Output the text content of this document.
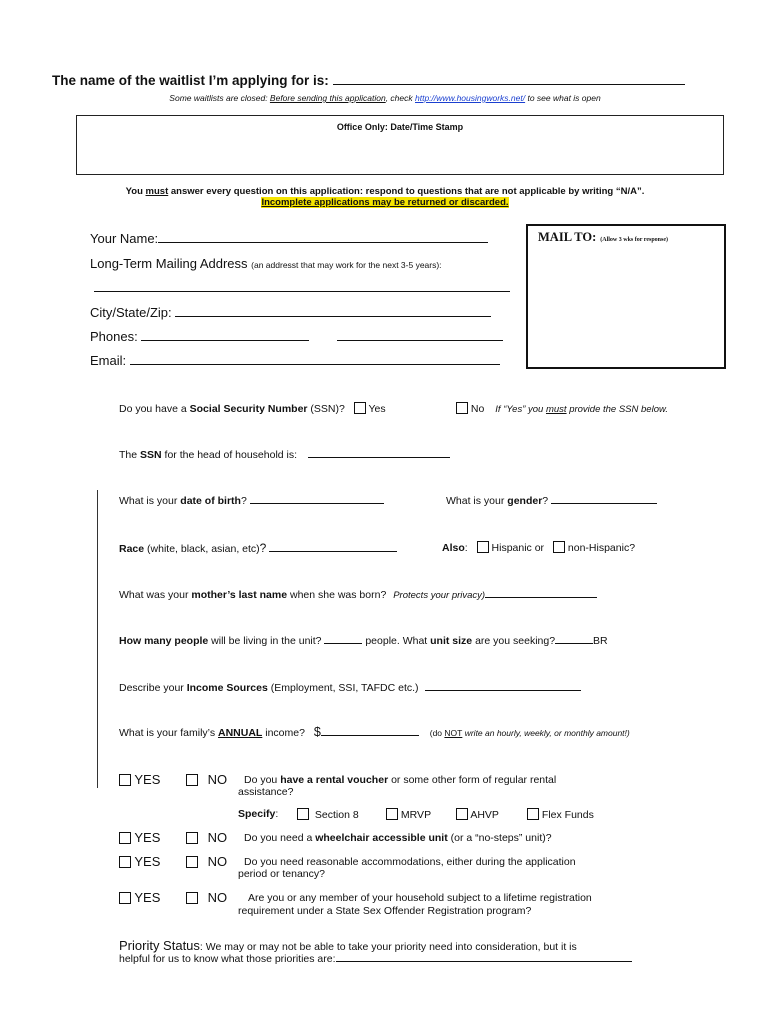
The name of the waitlist I’m applying for is:
Some waitlists are closed: Before sending this application, check http://www.housingworks.net/ to see what is open
Office Only: Date/Time Stamp
You must answer every question on this application: respond to questions that are not applicable by writing “N/A”.
Incomplete applications may be returned or discarded.
Your Name:
Long-Term Mailing Address (an addresst that may work for the next 3-5 years):
City/State/Zip:
Phones:
Email:
MAIL TO: (Allow 3 wks for response)
Do you have a Social Security Number (SSN)? Yes	No If “Yes” you must provide the SSN below.
The SSN for the head of household is:
What is your date of birth?	What is your gender?
Race (white, black, asian, etc)?	Also: Hispanic or non-Hispanic?
What was your mother’s last name when she was born? Protects your privacy)
How many people will be living in the unit?	people. What unit size are you seeking?	BR
Describe your Income Sources (Employment, SSI, TAFDC etc.)
What is your family’s ANNUAL income? $	(do NOT write an hourly, weekly, or monthly amount!)
YES	NO Do you have a rental voucher or some other form of regular rental
assistance?
Specify:	Section 8	MRVP	AHVP	Flex Funds
YES	NO Do you need a wheelchair accessible unit (or a “no-steps” unit)?
YES	NO Do you need reasonable accommodations, either during the application
period or tenancy?
YES	NO Are you or any member of your household subject to a lifetime registration
requirement under a State Sex Offender Registration program?
Priority Status: We may or may not be able to take your priority need into consideration, but it is
helpful for us to know what those priorities are:
